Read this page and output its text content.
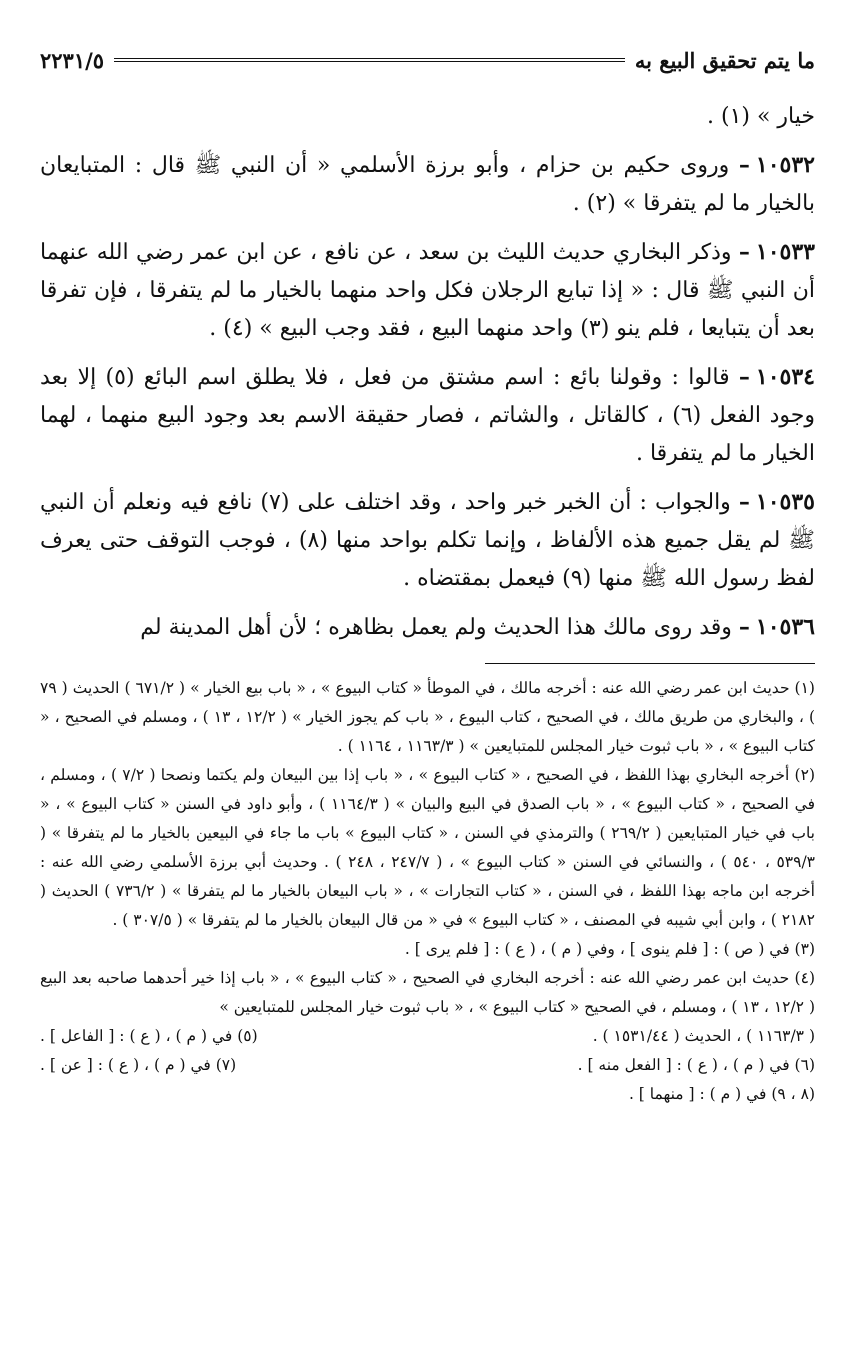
ما يتم تحقيق البيع به
٢٢٣١/٥

خيار » (١) .

١٠٥٣٢– وروى حكيم بن حزام ، وأبو برزة الأسلمي « أن النبي ﷺ قال : المتبايعان بالخيار ما لم يتفرقا » (٢) .

١٠٥٣٣– وذكر البخاري حديث الليث بن سعد ، عن نافع ، عن ابن عمر رضي الله عنهما أن النبي ﷺ قال : « إذا تبايع الرجلان فكل واحد منهما بالخيار ما لم يتفرقا ، فإن تفرقا بعد أن يتبايعا ، فلم ينو (٣) واحد منهما البيع ، فقد وجب البيع » (٤) .

١٠٥٣٤– قالوا : وقولنا بائع : اسم مشتق من فعل ، فلا يطلق اسم البائع (٥) إلا بعد وجود الفعل (٦) ، كالقاتل ، والشاتم ، فصار حقيقة الاسم بعد وجود البيع منهما ، لهما الخيار ما لم يتفرقا .

١٠٥٣٥– والجواب : أن الخبر خبر واحد ، وقد اختلف على (٧) نافع فيه ونعلم أن النبي ﷺ لم يقل جميع هذه الألفاظ ، وإنما تكلم بواحد منها (٨) ، فوجب التوقف حتى يعرف لفظ رسول الله ﷺ منها (٩) فيعمل بمقتضاه .

١٠٥٣٦– وقد روى مالك هذا الحديث ولم يعمل بظاهره ؛ لأن أهل المدينة لم

(١) حديث ابن عمر رضي الله عنه : أخرجه مالك ، في الموطأ « كتاب البيوع » ، « باب بيع الخيار » ( ٦٧١/٢ ) الحديث ( ٧٩ ) ، والبخاري من طريق مالك ، في الصحيح ، كتاب البيوع ، « باب كم يجوز الخيار » ( ١٢/٢ ، ١٣ ) ، ومسلم في الصحيح ، « كتاب البيوع » ، « باب ثبوت خيار المجلس للمتبايعين » ( ١١٦٣/٣ ، ١١٦٤ ) .

(٢) أخرجه البخاري بهذا اللفظ ، في الصحيح ، « كتاب البيوع » ، « باب إذا بين البيعان ولم يكتما ونصحا ( ٧/٢ ) ، ومسلم ، في الصحيح ، « كتاب البيوع » ، « باب الصدق في البيع والبيان » ( ١١٦٤/٣ ) ، وأبو داود في السنن « كتاب البيوع » ، « باب في خيار المتبايعين ( ٢٦٩/٢ ) والترمذي في السنن ، « كتاب البيوع » باب ما جاء في البيعين بالخيار ما لم يتفرقا » ( ٥٣٩/٣ ، ٥٤٠ ) ، والنسائي في السنن « كتاب البيوع » ، ( ٢٤٧/٧ ، ٢٤٨ ) . وحديث أبي برزة الأسلمي رضي الله عنه : أخرجه ابن ماجه بهذا اللفظ ، في السنن ، « كتاب التجارات » ، « باب البيعان بالخيار ما لم يتفرقا » ( ٧٣٦/٢ ) الحديث ( ٢١٨٢ ) ، وابن أبي شيبه في المصنف ، « كتاب البيوع » في « من قال البيعان بالخيار ما لم يتفرقا » ( ٣٠٧/٥ ) .

(٣) في ( ص ) : [ فلم ينوى ] ، وفي ( م ) ، ( ع ) : [ فلم يرى ] .

(٤) حديث ابن عمر رضي الله عنه : أخرجه البخاري في الصحيح ، « كتاب البيوع » ، « باب إذا خير أحدهما صاحبه بعد البيع ( ١٢/٢ ، ١٣ ) ، ومسلم ، في الصحيح « كتاب البيوع » ، « باب ثبوت خيار المجلس للمتبايعين »

( ١١٦٣/٣ ) ، الحديث ( ١٥٣١/٤٤ ) .
(٥) في ( م ) ، ( ع ) : [ الفاعل ] .
(٦) في ( م ) ، ( ع ) : [ الفعل منه ] .
(٧) في ( م ) ، ( ع ) : [ عن ] .

(٨ ، ٩) في ( م ) : [ منهما ] .
